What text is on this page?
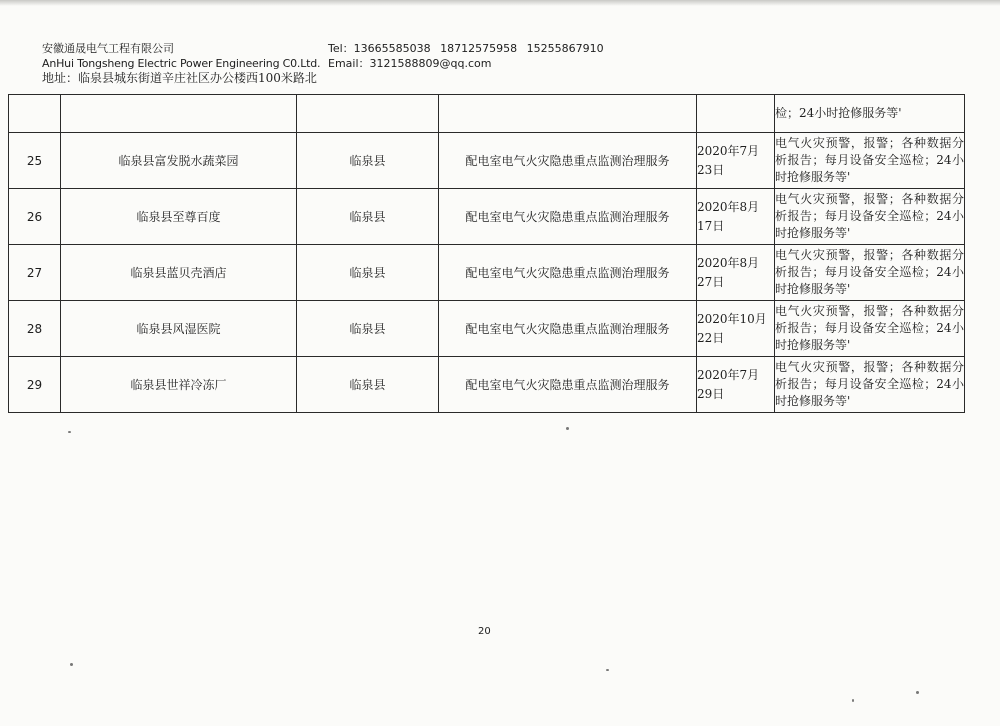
安徽通晟电气工程有限公司	Tel：13665585038 18712575958 15255867910
AnHui Tongsheng Electric Power Engineering C0.Ltd. Email：3121588809@qq.com
地址：临泉县城东街道辛庄社区办公楼西100米路北
					检；24小时抢修服务等'
25	临泉县富发脱水蔬菜园	临泉县	配电室电气火灾隐患重点监测治理服务	2020年7月23日	电气火灾预警，报警；各种数据分析报告；每月设备安全巡检；24小时抢修服务等'
26	临泉县至尊百度	临泉县	配电室电气火灾隐患重点监测治理服务	2020年8月17日	电气火灾预警，报警；各种数据分析报告；每月设备安全巡检；24小时抢修服务等'
27	临泉县蓝贝壳酒店	临泉县	配电室电气火灾隐患重点监测治理服务	2020年8月27日	电气火灾预警，报警；各种数据分析报告；每月设备安全巡检；24小时抢修服务等'
28	临泉县风湿医院	临泉县	配电室电气火灾隐患重点监测治理服务	2020年10月22日	电气火灾预警，报警；各种数据分析报告；每月设备安全巡检；24小时抢修服务等'
29	临泉县世祥冷冻厂	临泉县	配电室电气火灾隐患重点监测治理服务	2020年7月29日	电气火灾预警，报警；各种数据分析报告；每月设备安全巡检；24小时抢修服务等'
20
